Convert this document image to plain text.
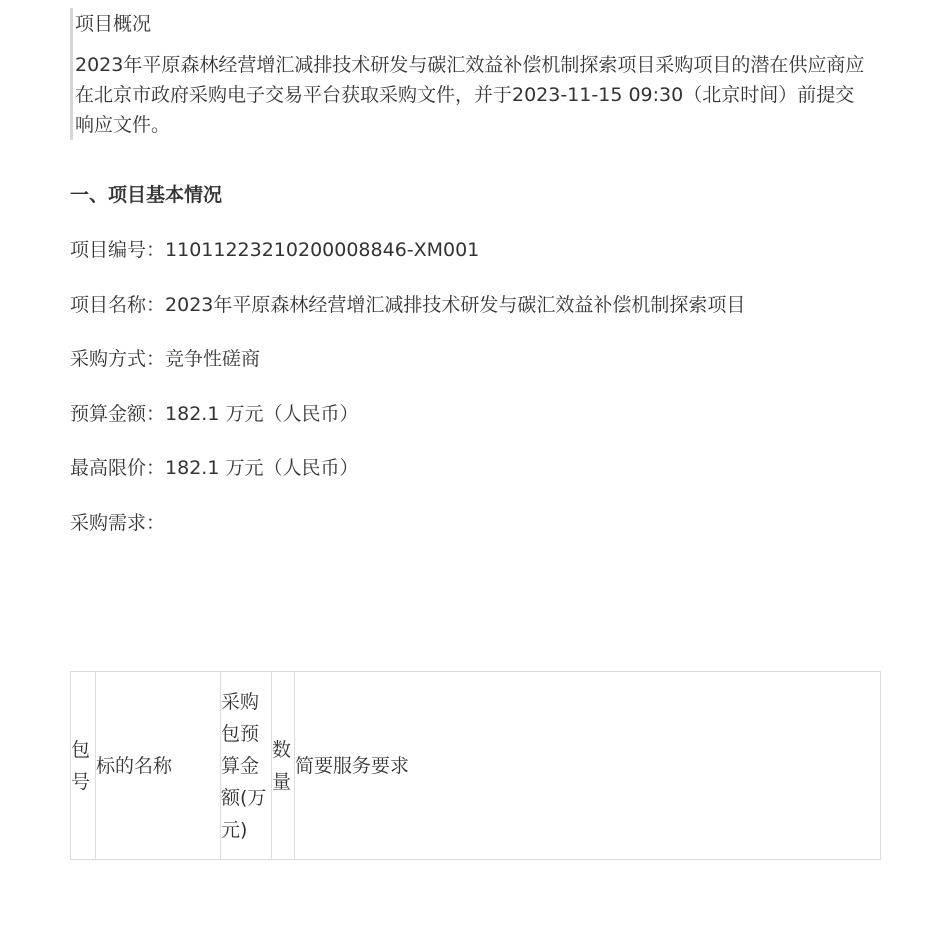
项目概况

2023年平原森林经营增汇减排技术研发与碳汇效益补偿机制探索项目采购项目的潜在供应商应在北京市政府采购电子交易平台获取采购文件，并于2023-11-15 09:30（北京时间）前提交响应文件。

一、项目基本情况

项目编号：11011223210200008846-XM001

项目名称：2023年平原森林经营增汇减排技术研发与碳汇效益补偿机制探索项目

采购方式：竞争性磋商

预算金额：182.1 万元（人民币）

最高限价：182.1 万元（人民币）

采购需求：

包号	标的名称	采购包预算金额(万元)	数量	简要服务要求
